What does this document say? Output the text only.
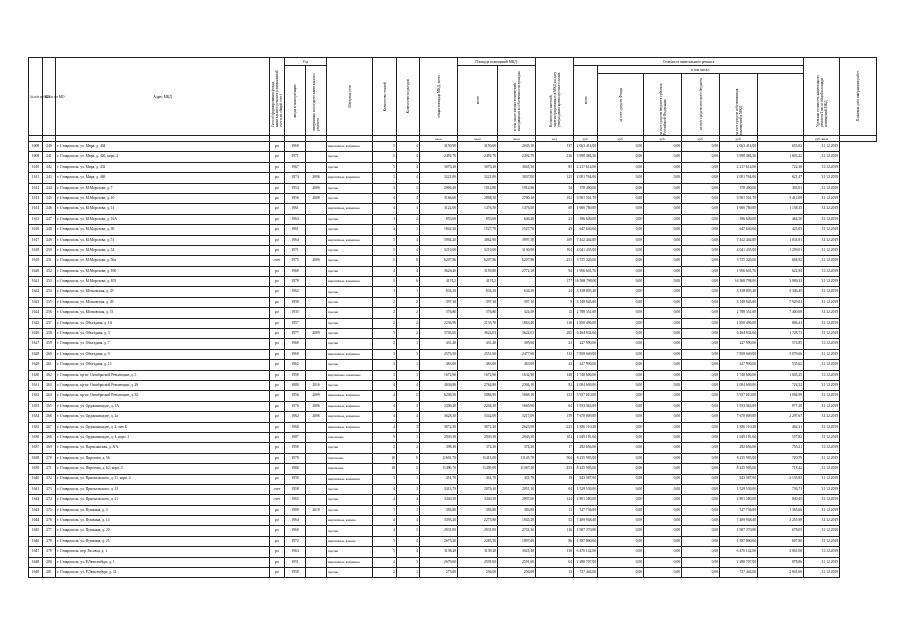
№ п/п по КП	№ п/п по МО	Адрес МКД	Способ формирования фонда капитального ремонта (специальный счет или общий счет)	Год		Материал стен	Количество этажей	Количество подъездов	общая площадь МКД, всего	Площадь помещений МКД:		Количество жителей, зарегистрированных в МКД на дату утверждения краткосрочного плана	Стоимость капитального ремонта						Удельная стоимость капитального ремонта 1 кв. м общей площади помещений МКД	Плановая дата завершения работ

				ввода в эксплуатацию	завершения последнего капитального ремонта					всего	в том числе жилых помещений, находящихся в собственности граждан		всего	в том числе:						

														за счет средств Фонда	за счет средств бюджета субъекта Российской Федерации	за счет средств местного бюджета	за счет средств собственников помещений в МКД			

									кв.м	кв.м	кв.м	чел.	руб.	руб.	руб.	руб.	руб.		руб./кв.м	
1608	240	г. Ставрополь, ул. Мира, д. 404	ро	1960		кирпичные, каменные	5	4	3150,90	3150,60	2045,10	137	2 063 414,00	0,00	0,00	0,00	2 063 414,00	653,02	31.12.2019	
1609	241	г. Ставрополь, ул. Мира, д. 426, корп. 2	ро	1971		прочие	5	4	2492,70	2492,70	2492,70	116	3 998 484,50	0,00	0,00	0,00	3 998 484,50	1 603,22	31.12.2019	
1610	242	г. Ставрополь, ул. Мира, д. 432	ро	1967		прочие	5	4	3070,20	3070,20	3041,30	85	2 217 614,00	0,00	0,00	0,00	2 217 614,00	722,30	31.12.2019	
1611	243	г. Ставрополь, ул. Мира, д. 469	ро	1974	2006	кирпичные, каменные	5	4	3221,00	3221,00	3037,00	125	2 001 764,00	0,00	0,00	0,00	2 001 764,00	621,47	31.12.2019	
1612	244	г. Ставрополь, ул. М.Морозова, д. 7	ро	1954	2006	прочие	3	3	2906,40	1912,80	1912,80	54	578 400,00	0,00	0,00	0,00	578 400,00	303,01	31.12.2019	
1613	245	г. Ставрополь, ул. М.Морозова, д. 10	ро	1956	2008	прочие	4	4	3166,60	2808,10	2780,10	102	9 581 501,70	0,00	0,00	0,00	9 581 501,70	3 412,09	31.12.2019	
1614	246	г. Ставрополь, ул. М.Морозова, д. 14	ро	1961		кирпичные, каменные	4	3	3122,00	1476,50	1476,50	60	1 680 780,00	0,00	0,00	0,00	1 680 780,00	1 138,35	31.12.2019	
1615	247	г. Ставрополь, ул. М.Морозова, д. 16А	ро	1963		прочие	3	2	853,00	853,00	646,20	21	396 640,00	0,00	0,00	0,00	396 640,00	464,50	31.12.2019	
1616	248	г. Ставрополь, ул. М.Морозова, д. 30	ро	1961		прочие	4	1	1842,20	1527,70	1527,70	49	647 640,00	0,00	0,00	0,00	647 640,00	425,03	31.12.2019	
1617	249	г. Ставрополь, ул. М.Морозова, д. 51	ро	1964		кирпичные, каменные	5	4	5994,20	4062,90	3997,30	169	7 442 444,00	0,00	0,00	0,00	7 442 444,00	1 831,81	31.12.2019	
1618	250	г. Ставрополь, ул. М.Морозова, д. 54	ро	1971		прочие	5	4	3210,00	3210,00	3130,00	104	4 041 435,00	0,00	0,00	0,00	4 041 435,00	1 259,01	31.12.2019	
1619	251	г. Ставрополь, ул. М.Морозова, д. 56а	счет	1975	2006	прочие	5	8	6207,86	6207,86	6207,86	251	3 755 320,00	0,00	0,00	0,00	3 755 320,00	604,92	31.12.2019	
1620	252	г. Ставрополь, ул. М.Морозова, д. 100	ро	1960		прочие	4	4	3626,20	3159,80	2772,10	94	1 956 601,70	0,00	0,00	0,00	1 956 601,70	622,94	31.12.2019	
1621	253	г. Ставрополь, ул. М.Морозова, д. 105	ро	1978		кирпичные, каменные	5	6	4174,2	4174,2		177	16 568 798,00	0,00	0,00	0,00	16 568 798,00	3 969,33	31.12.2019	
1622	254	г. Ставрополь, ул. Московская, д. 45	ро	1962		прочие	3	1	634,10	634,10	634,10	24	3 338 095,40	0,00	0,00	0,00	3 338 095,40	5 346,45	31.12.2019	
1623	255	г. Ставрополь, ул. Московская, д. 49	ро	1958		прочие	2	2	397,10	397,10	397,10	9	3 148 945,60	0,00	0,00	0,00	3 148 945,60	7 929,81	31.12.2019	
1624	256	г. Ставрополь, ул. Московская, д. 51	ро	1935		прочие	2	2	376,80	376,80	324,50	12	2 788 351,60	0,00	0,00	0,00	2 788 351,60	7 400,08	31.12.2019	
1625	257	г. Ставрополь, ул. Объездная, д. 1А	ро	1957		прочие	2	2	2236,90	2135,70	1863,40	116	1 850 490,00	0,00	0,00	0,00	1 850 490,00	866,41	31.12.2019	
1626	258	г. Ставрополь, ул. Объездная, д. 3	ро	1977	2009	прочие	5	2	3703,65	3624,03	3624,03	205	6 264 934,00	0,00	0,00	0,00	6 264 934,00	1 728,71	31.12.2019	
1627	259	г. Ставрополь, ул. Объездная, д. 7	ро	1960		прочие	2	1	431,40	431,40	395,60	23	247 990,00	0,00	0,00	0,00	247 990,00	574,85	31.12.2019	
1628	260	г. Ставрополь, ул. Объездная, д. 9	ро	1960		кирпичные, каменные	3	3	2576,50	2551,60	2477,60	112	7 858 040,00	0,00	0,00	0,00	7 858 040,00	3 079,66	31.12.2019	
1629	261	г. Ставрополь, ул. Объездная, д. 13	ро	1962		прочие	3	1	463,00	463,00	463,00	22	247 990,00	0,00	0,00	0,00	247 990,00	535,62	31.12.2019	
1630	262	г. Ставрополь, пр-кт. Октябрьской Революции, д. 5	ро	1958		Кирпичные, каменные	3	1	1672,90	1672,90	1632,90	148	1 748 600,00	0,00	0,00	0,00	1 748 600,00	1 045,25	31.12.2019	
1631	263	г. Ставрополь, пр-кт. Октябрьской Революции, д. 28	ро	1880	2016	прочие	4	4	4036,80	2764,80	2304,10	82	2 004 600,00	0,00	0,00	0,00	2 004 600,00	724,52	31.12.2019	
1632	264	г. Ставрополь, пр-кт. Октябрьской Революции, д. 32	ро	1956	2009	кирпичные, каменные	4	5	6206,50	5884,90	5068,10	131	5 937 810,00	0,00	0,00	0,00	5 937 810,00	1 004,99	31.12.2019	
1633	265	г. Ставрополь, ул. Орджоникидзе, д. 1А	ро	1970	2006	кирпичные, каменные	4	3	2306,20	2204,30	1665,90	64	1 933 363,00	0,00	0,00	0,00	1 933 363,00	877,20	31.12.2019	
1634	266	г. Ставрополь, ул. Орджоникидзе, д. 2а	ро	1962	2006	кирпичные, каменные	4	4	3628,30	3342,09	3217,09	159	7 678 809,00	0,00	0,00	0,00	7 678 809,00	2 297,67	31.12.2019	
1635	267	г. Ставрополь, ул. Орджоникидзе, д. 2, лит. Б	ро	1968		кирпичные, каменные	4	3	3072,50	3072,20	2625,00	223	1 836 110,20	0,00	0,00	0,00	1 836 110,20	462,21	31.12.2019	
1636	268	г. Ставрополь, ул. Орджоникидзе, д. 4, корп. 1	ро	1987		панельные	9	1	2949,30	2949,30	2949,30	101	1 649 181,00	0,00	0,00	0,00	1 649 181,00	557,82	31.12.2019	
1637	269	г. Ставрополь, ул. Партизанская, д. 8/А	ро	1958		прочие	2	2	398,30	374,20	374,20	17	282 656,00	0,00	0,00	0,00	282 656,00	755,21	31.12.2019	
1638	270	г. Ставрополь, ул. Пирогова, д. 56	ро	1979		панельные	10	8	11601,70	11413,00	11145,70	504	8 235 905,00	0,00	0,00	0,00	8 235 905,00	720,79	31.12.2019	
1639	271	г. Ставрополь, ул. Пирогова, д. 62, корп. 3	ро	1986		панельные	10	5	11490,70	11459,00	11367,40	453	8 225 905,00	0,00	0,00	0,00	8 225 905,00	718,42	31.12.2019	
1640	272	г. Ставрополь, ул. Приозальского, д. 11, корп. 2	ро	1958		кирпичные, каменные	3	1	451,70	441,70	431,70	18	943 387,00	0,00	0,00	0,00	943 387,00	2 135,83	31.12.2019	
1641	273	г. Ставрополь, ул. Приозальского, д. 13	счет	1958		прочие	4	3	3413,70	2076,10	2051,10	64	1 529 530,00	0,00	0,00	0,00	1 529 530,00	736,73	31.12.2019	
1642	274	г. Ставрополь, ул. Приозальского, д. 21	счет	1965		прочие	4	4	3440,50	3440,50	2807,60	124	2 891 580,00	0,00	0,00	0,00	2 891 580,00	840,45	31.12.2019	
1643	275	г. Ставрополь, ул. Пушкина, д. 3	ро	1908	2010	прочие	1	1	383,80	383,80	383,80	13	527 736,00	0,00	0,00	0,00	527 736,00	1 365,66	31.12.2019	
1644	276	г. Ставрополь, ул. Пушкина, д. 14	ро	1964		кирпичные, камень	4	4	3393,20	2275,80	1945,20	52	7 409 948,40	0,00	0,00	0,00	7 409 948,40	3 255,98	31.12.2019	
1645	277	г. Ставрополь, ул. Пушкина, д. 20	ро	1960		прочие	4	3	2931,00	2931,00	2731,30	116	1 987 370,00	0,00	0,00	0,00	1 987 370,00	678,05	31.12.2019	
1646	278	г. Ставрополь, ул. Пушкина, д. 25	ро	1972		кирпичные, камень	5	4	2675,20	2283,50	1897,00	86	1 387 800,00	0,00	0,00	0,00	1 387 800,00	607,80	31.12.2019	
1647	279	г. Ставрополь, пер. Рассвоя, д. 1	ро	1963		прочие	5	4	3138,20	3139,20	3021,40	118	6 470 142,00	0,00	0,00	0,00	6 470 142,00	2 061,06	31.12.2019	
1648	280	г. Ставрополь, ул. Р.Люксембург, д. 1	ро	1951		кирпичные, каменные	4	3	2679,60	2591,60	2591,60	64	2 288 707,00	0,00	0,00	0,00	2 288 707,00	878,86	31.12.2019	
1649	281	г. Ставрополь, ул. Р.Люксембург, д. 31	ро	1958		прочие	2	1	275,00	256,00	256,00	13	727 444,00	0,00	0,00	0,00	727 444,00	2 841,66	31.12.2019	
